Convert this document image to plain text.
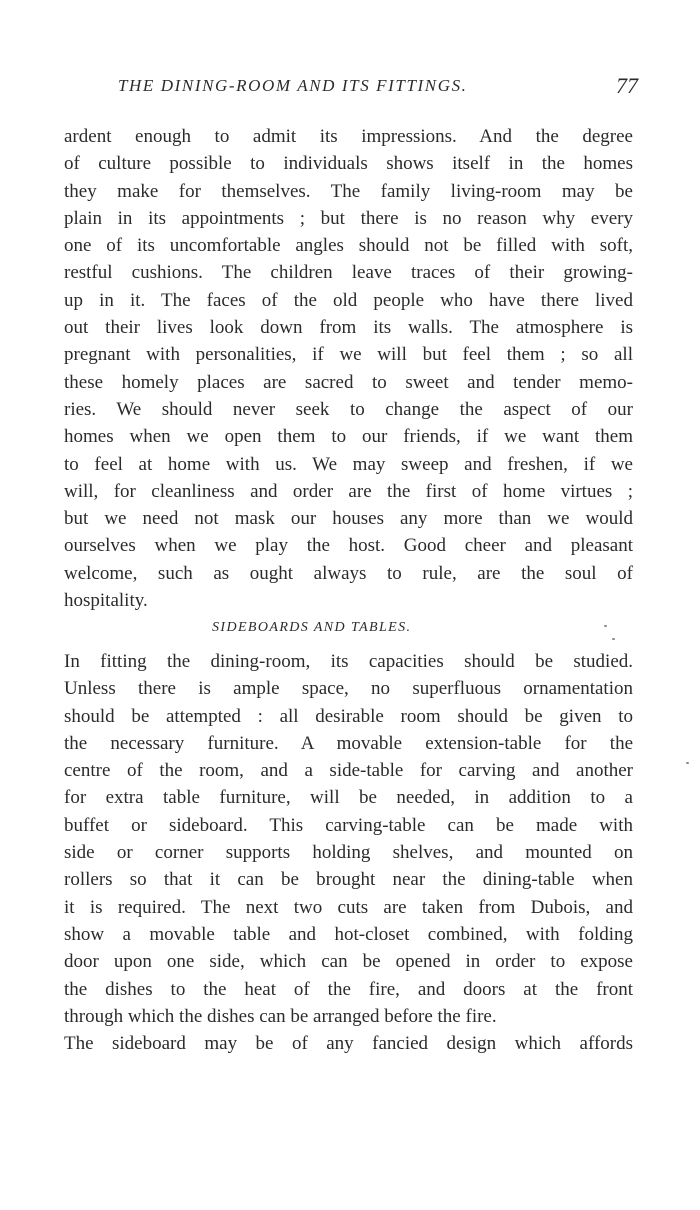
THE DINING-ROOM AND ITS FITTINGS.	77
ardent enough to admit its impressions. And the degree
of culture possible to individuals shows itself in the homes
they make for themselves. The family living-room may be
plain in its appointments ; but there is no reason why every
one of its uncomfortable angles should not be filled with soft,
restful cushions. The children leave traces of their growing-
up in it. The faces of the old people who have there lived
out their lives look down from its walls. The atmosphere is
pregnant with personalities, if we will but feel them ; so all
these homely places are sacred to sweet and tender memo-
ries. We should never seek to change the aspect of our
homes when we open them to our friends, if we want them
to feel at home with us. We may sweep and freshen, if we
will, for cleanliness and order are the first of home virtues ;
but we need not mask our houses any more than we would
ourselves when we play the host. Good cheer and pleasant
welcome, such as ought always to rule, are the soul of
hospitality.
SIDEBOARDS AND TABLES.
In fitting the dining-room, its capacities should be studied.
Unless there is ample space, no superfluous ornamentation
should be attempted : all desirable room should be given to
the necessary furniture. A movable extension-table for the
centre of the room, and a side-table for carving and another
for extra table furniture, will be needed, in addition to a
buffet or sideboard. This carving-table can be made with
side or corner supports holding shelves, and mounted on
rollers so that it can be brought near the dining-table when
it is required. The next two cuts are taken from Dubois, and
show a movable table and hot-closet combined, with folding
door upon one side, which can be opened in order to expose
the dishes to the heat of the fire, and doors at the front
through which the dishes can be arranged before the fire.
The sideboard may be of any fancied design which affords
